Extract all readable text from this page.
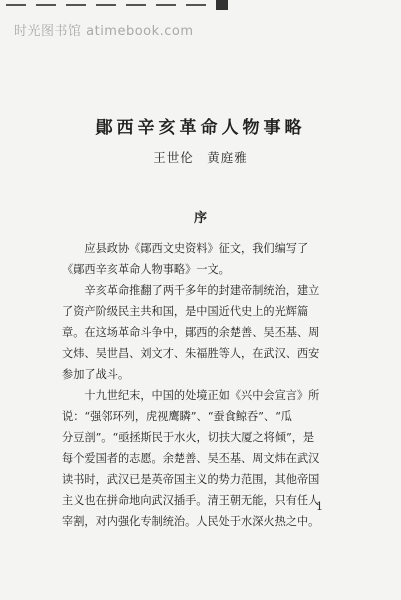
时光图书馆 atimebook.com
鄖西辛亥革命人物事略
王世伦　黄庭雅
序
　　应县政协《鄖西文史资料》征文，我们编写了
《鄖西辛亥革命人物事略》一文。
　　辛亥革命推翻了两千多年的封建帝制统治，建立
了资产阶级民主共和国，是中国近代史上的光辉篇
章。在这场革命斗争中，鄖西的余楚善、吴丕基、周
文炜、吴世昌、刘文才、朱福胜等人，在武汉、西安
参加了战斗。
　　十九世纪末，中国的处境正如《兴中会宣言》所
说：“强邻环列，虎视鹰瞵”、“蚕食鲸吞”、“瓜
分豆剖”。“亟拯斯民于水火，切扶大厦之将倾”，是
每个爱国者的志愿。余楚善、吴丕基、周文炜在武汉
读书时，武汉已是英帝国主义的势力范围，其他帝国
主义也在拼命地向武汉插手。清王朝无能，只有任人
宰割，对内强化专制统治。人民处于水深火热之中。
1
